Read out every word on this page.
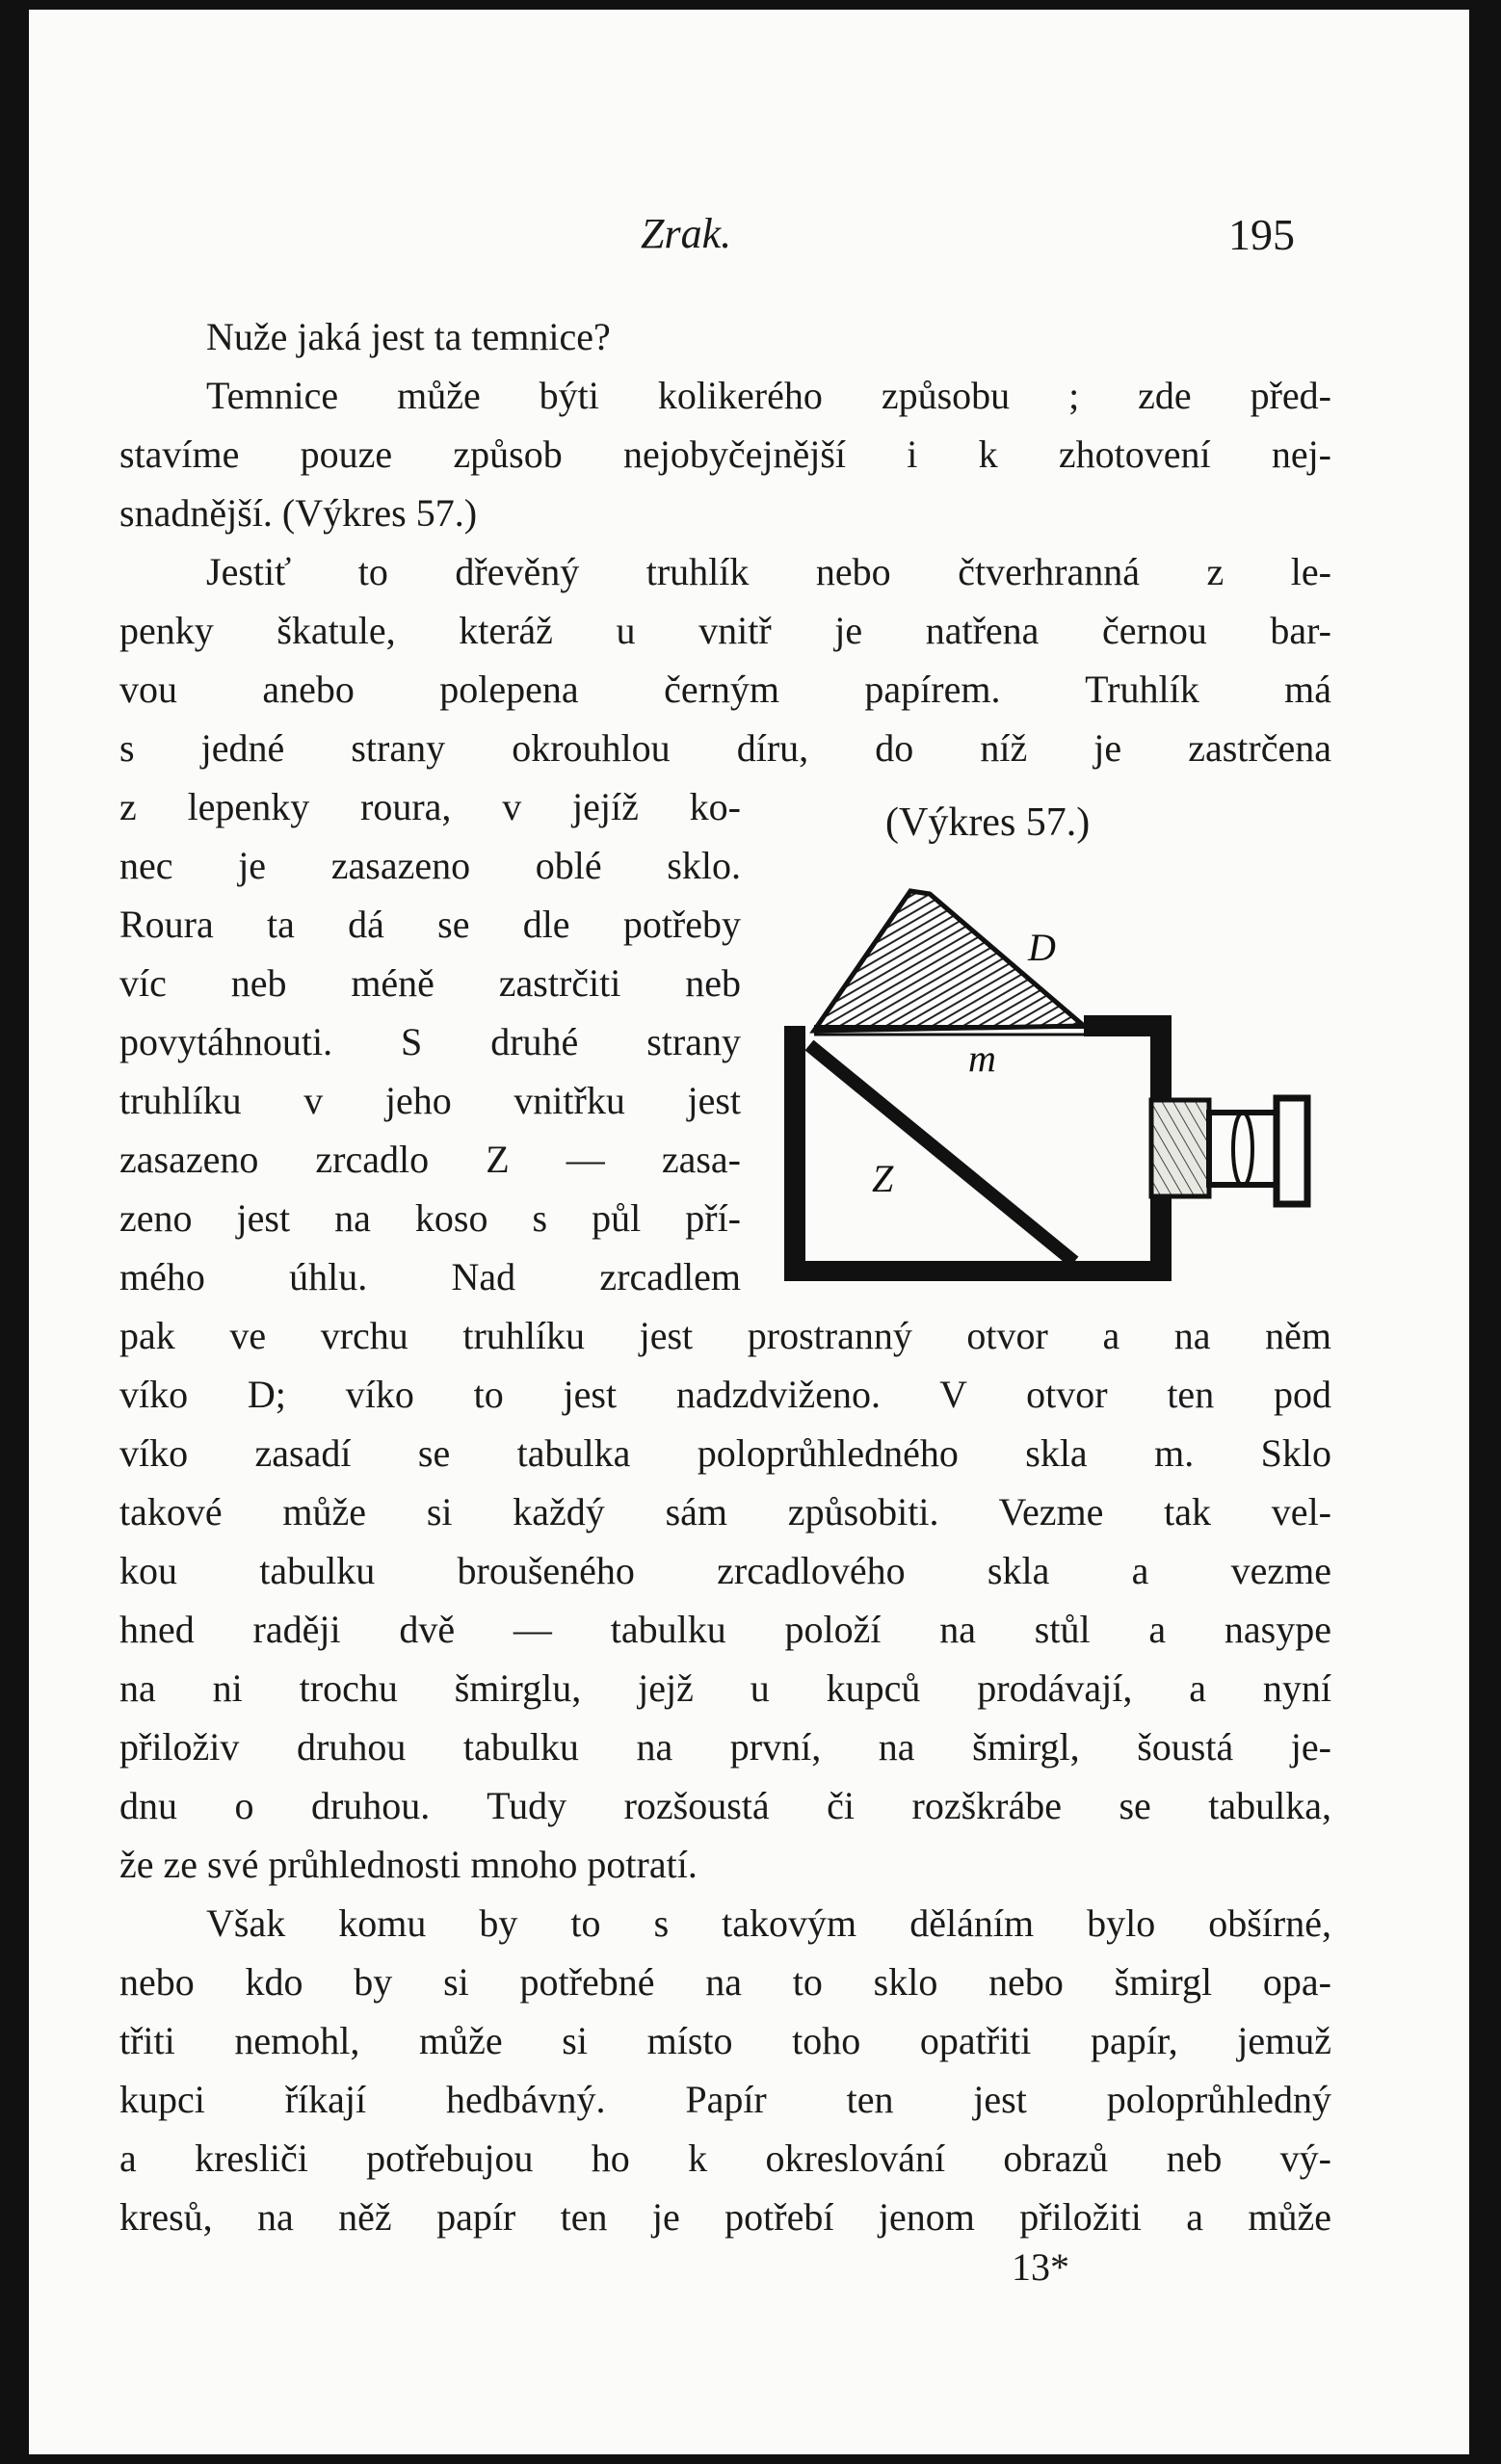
Zrak.	195
Nuže jaká jest ta temnice?
Temnice může býti kolikerého způsobu ; zde před-
stavíme pouze způsob nejobyčejnější i k zhotovení nej-
snadnější. (Výkres 57.)
Jestiť to dřevěný truhlík nebo čtverhranná z le-
penky škatule, kteráž u vnitř je natřena černou bar-
vou anebo polepena černým papírem. Truhlík má
s jedné strany okrouhlou díru, do níž je zastrčena
z lepenky roura, v jejíž ko-
nec je zasazeno oblé sklo.
Roura ta dá se dle potřeby
víc neb méně zastrčiti neb
povytáhnouti. S druhé strany
truhlíku v jeho vnitřku jest
zasazeno zrcadlo Z — zasa-
zeno jest na koso s půl pří-
mého úhlu. Nad zrcadlem
(Výkres 57.)
D
m
Z
pak ve vrchu truhlíku jest prostranný otvor a na něm
víko D; víko to jest nadzdviženo. V otvor ten pod
víko zasadí se tabulka poloprůhledného skla m. Sklo
takové může si každý sám způsobiti. Vezme tak vel-
kou tabulku broušeného zrcadlového skla a vezme
hned raději dvě — tabulku položí na stůl a nasype
na ni trochu šmirglu, jejž u kupců prodávají, a nyní
přiloživ druhou tabulku na první, na šmirgl, šoustá je-
dnu o druhou. Tudy rozšoustá či rozškrábe se tabulka,
že ze své průhlednosti mnoho potratí.
Však komu by to s takovým děláním bylo obšírné,
nebo kdo by si potřebné na to sklo nebo šmirgl opa-
třiti nemohl, může si místo toho opatřiti papír, jemuž
kupci říkají hedbávný. Papír ten jest poloprůhledný
a kresliči potřebujou ho k okreslování obrazů neb vý-
kresů, na něž papír ten je potřebí jenom přiložiti a může
13*
